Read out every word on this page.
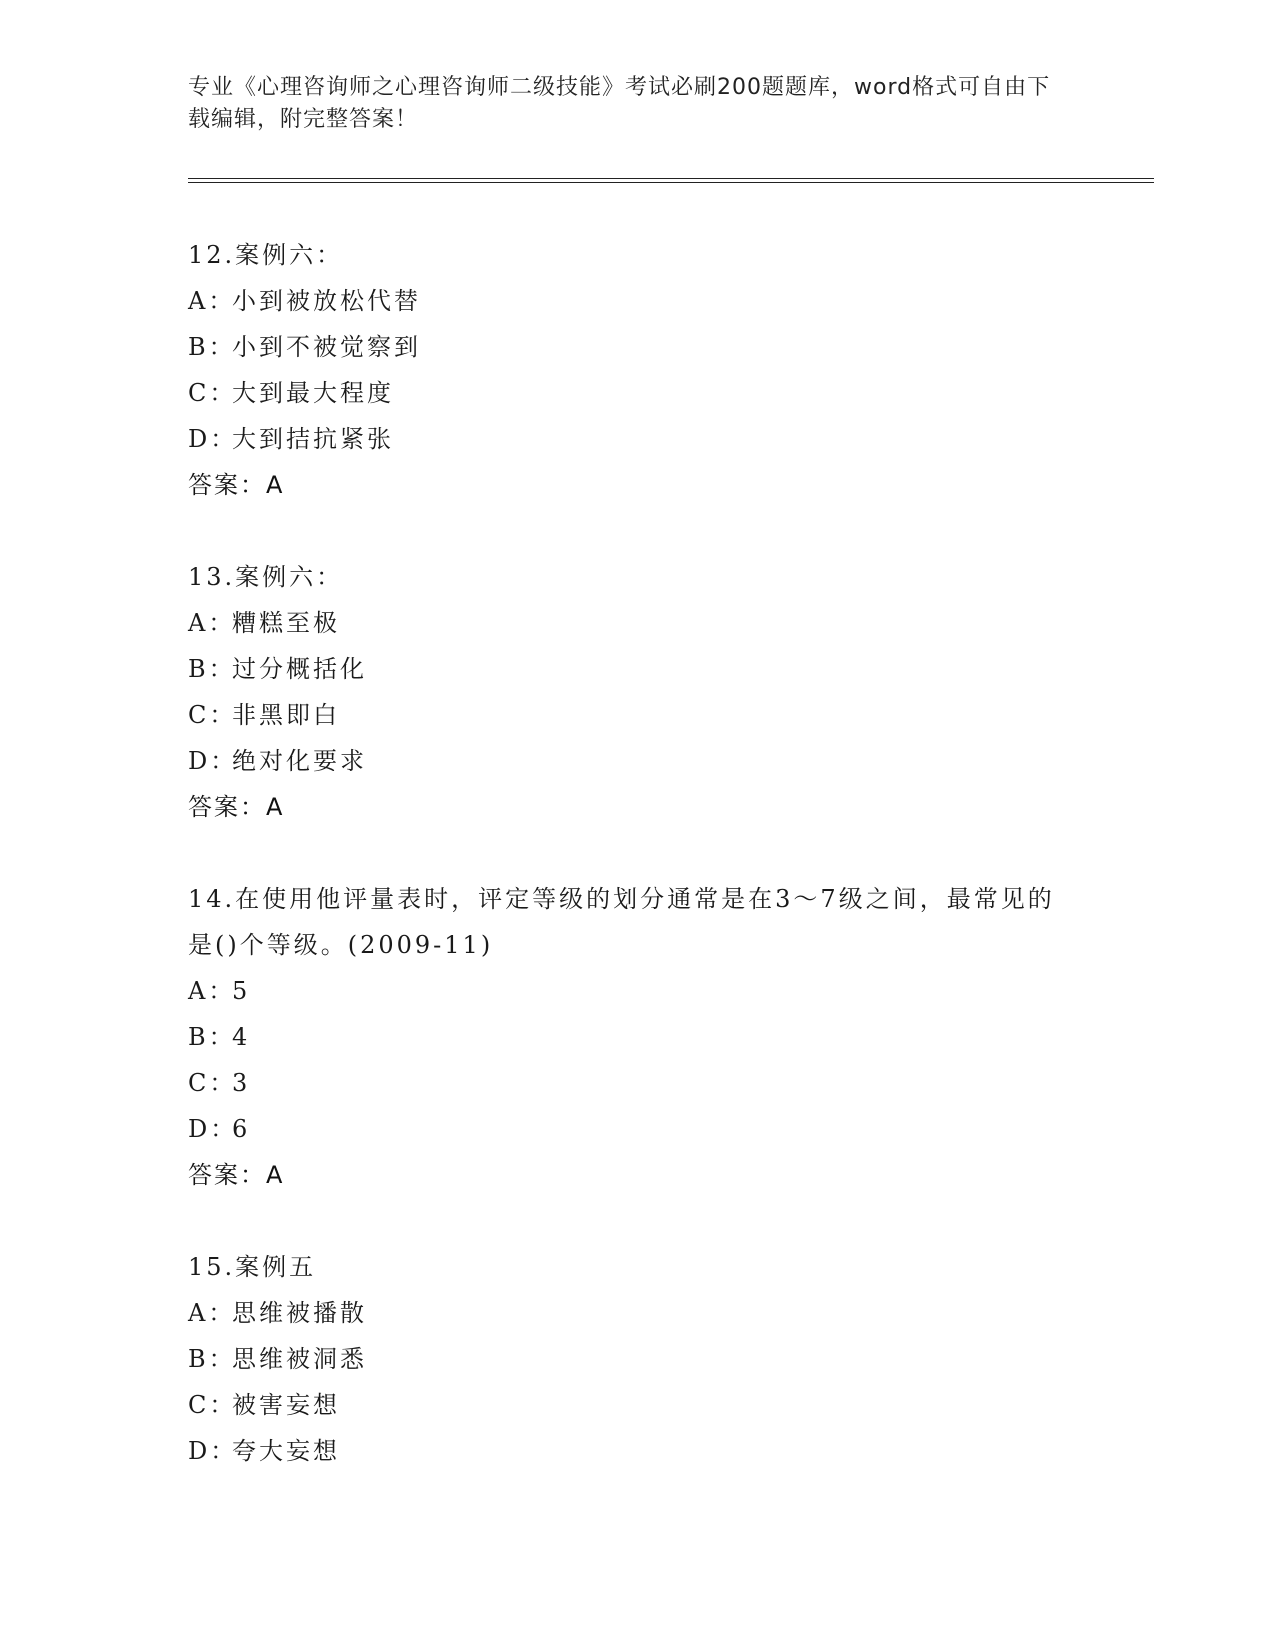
专业《心理咨询师之心理咨询师二级技能》考试必刷200题题库，word格式可自由下载编辑，附完整答案！
12.案例六：
A：小到被放松代替
B：小到不被觉察到
C：大到最大程度
D：大到拮抗紧张
答案：A
13.案例六：
A：糟糕至极
B：过分概括化
C：非黑即白
D：绝对化要求
答案：A
14.在使用他评量表时，评定等级的划分通常是在3～7级之间，最常见的是()个等级。(2009-11)
A：5
B：4
C：3
D：6
答案：A
15.案例五
A：思维被播散
B：思维被洞悉
C：被害妄想
D：夸大妄想
